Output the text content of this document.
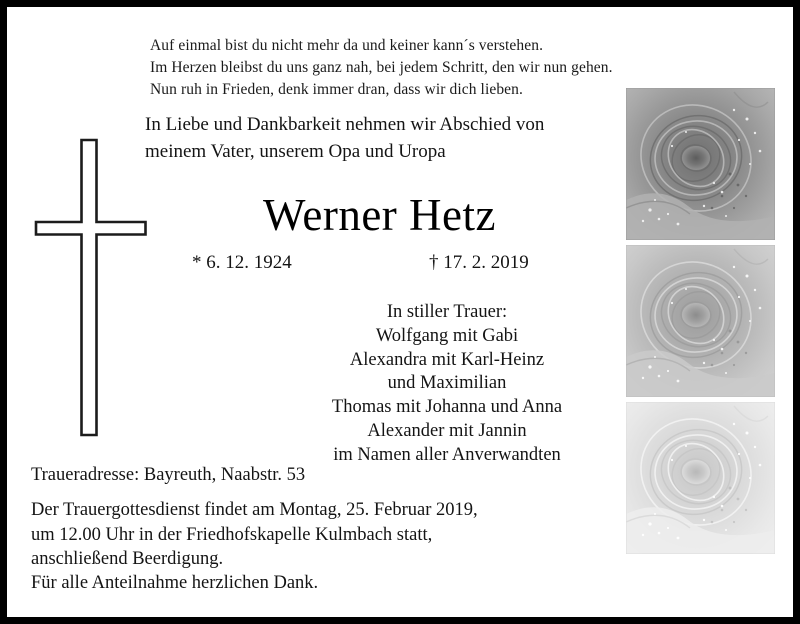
Auf einmal bist du nicht mehr da und keiner kann´s verstehen.
Im Herzen bleibst du uns ganz nah, bei jedem Schritt, den wir nun gehen.
Nun ruh in Frieden, denk immer dran, dass wir dich lieben.
In Liebe und Dankbarkeit nehmen wir Abschied von
meinem Vater, unserem Opa und Uropa
Werner Hetz
* 6. 12. 1924	† 17. 2. 2019
In stiller Trauer:
Wolfgang mit Gabi
Alexandra mit Karl-Heinz
und Maximilian
Thomas mit Johanna und Anna
Alexander mit Jannin
im Namen aller Anverwandten
Traueradresse: Bayreuth, Naabstr. 53
Der Trauergottesdienst findet am Montag, 25. Februar 2019,
um 12.00 Uhr in der Friedhofskapelle Kulmbach statt,
anschließend Beerdigung.
Für alle Anteilnahme herzlichen Dank.
